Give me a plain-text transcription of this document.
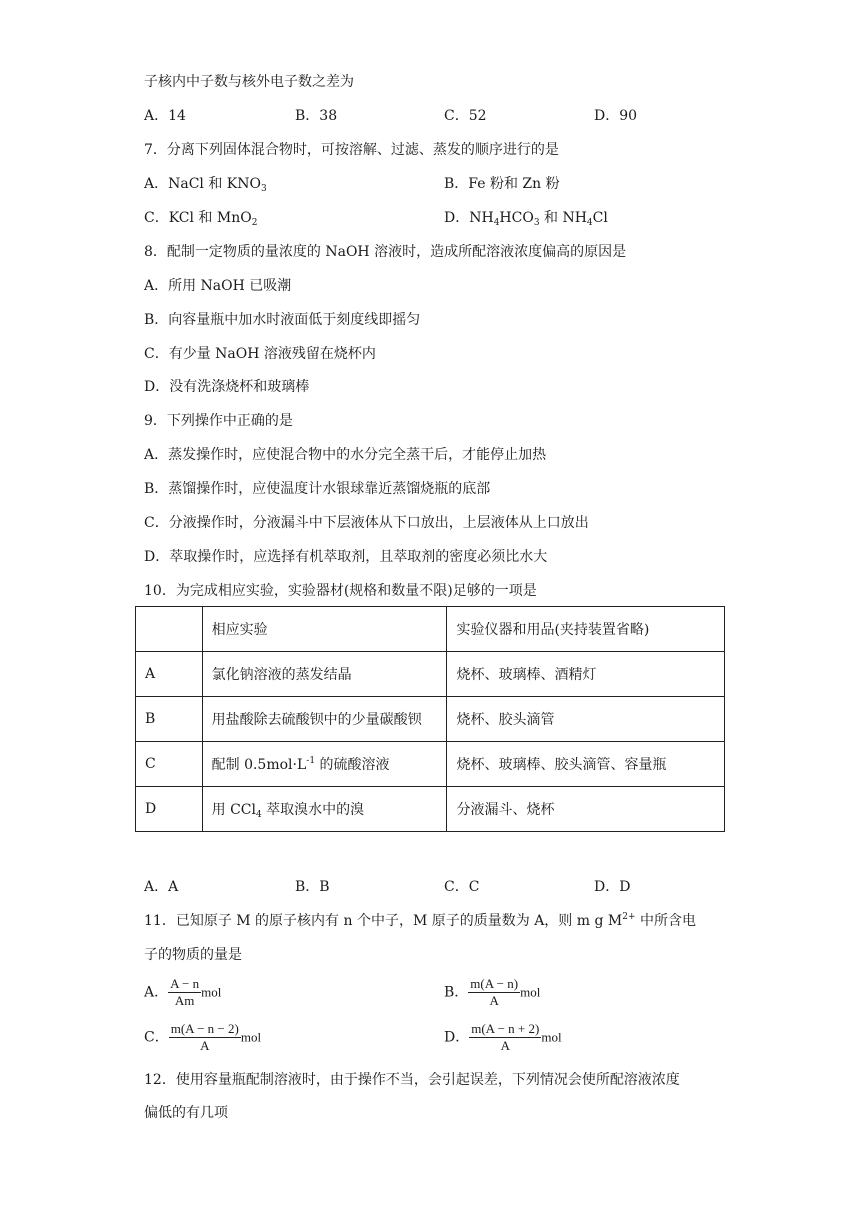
子核内中子数与核外电子数之差为
A．14	B．38	C．52	D．90
7．分离下列固体混合物时，可按溶解、过滤、蒸发的顺序进行的是
A．NaCl 和 $KNO_3$	B．Fe 粉和 Zn 粉
C．KCl 和 MnO$_2$	D．$NH_4HCO_3$ 和 $NH_4Cl$
8．配制一定物质的量浓度的 NaOH 溶液时，造成所配溶液浓度偏高的原因是
A．所用 NaOH 已吸潮
B．向容量瓶中加水时液面低于刻度线即摇匀
C．有少量 NaOH 溶液残留在烧杯内
D．没有洗涤烧杯和玻璃棒
9．下列操作中正确的是
A．蒸发操作时，应使混合物中的水分完全蒸干后，才能停止加热
B．蒸馏操作时，应使温度计水银球靠近蒸馏烧瓶的底部
C．分液操作时，分液漏斗中下层液体从下口放出，上层液体从上口放出
D．萃取操作时，应选择有机萃取剂，且萃取剂的密度必须比水大
10．为完成相应实验，实验器材(规格和数量不限)足够的一项是
	相应实验	实验仪器和用品(夹持装置省略)
A	氯化钠溶液的蒸发结晶	烧杯、玻璃棒、酒精灯
B	用盐酸除去硫酸钡中的少量碳酸钡	烧杯、胶头滴管
C	配制 $0.5mol\cdot L^{-1}$ 的硫酸溶液	烧杯、玻璃棒、胶头滴管、容量瓶
D	用 CCl$_4$ 萃取溴水中的溴	分液漏斗、烧杯
A．A	B．B	C．C	D．D
11．已知原子 M 的原子核内有 n 个中子，M 原子的质量数为 A，则 m g $M^{2+}$ 中所含电
子的物质的量是
A． $\frac{A - n}{Am}$ mol	B． $\frac{m(A - n)}{A}$ mol
C． $\frac{m(A - n - 2)}{A}$ mol	D． $\frac{m(A - n + 2)}{A}$ mol
12．使用容量瓶配制溶液时，由于操作不当，会引起误差，下列情况会使所配溶液浓度
偏低的有几项
